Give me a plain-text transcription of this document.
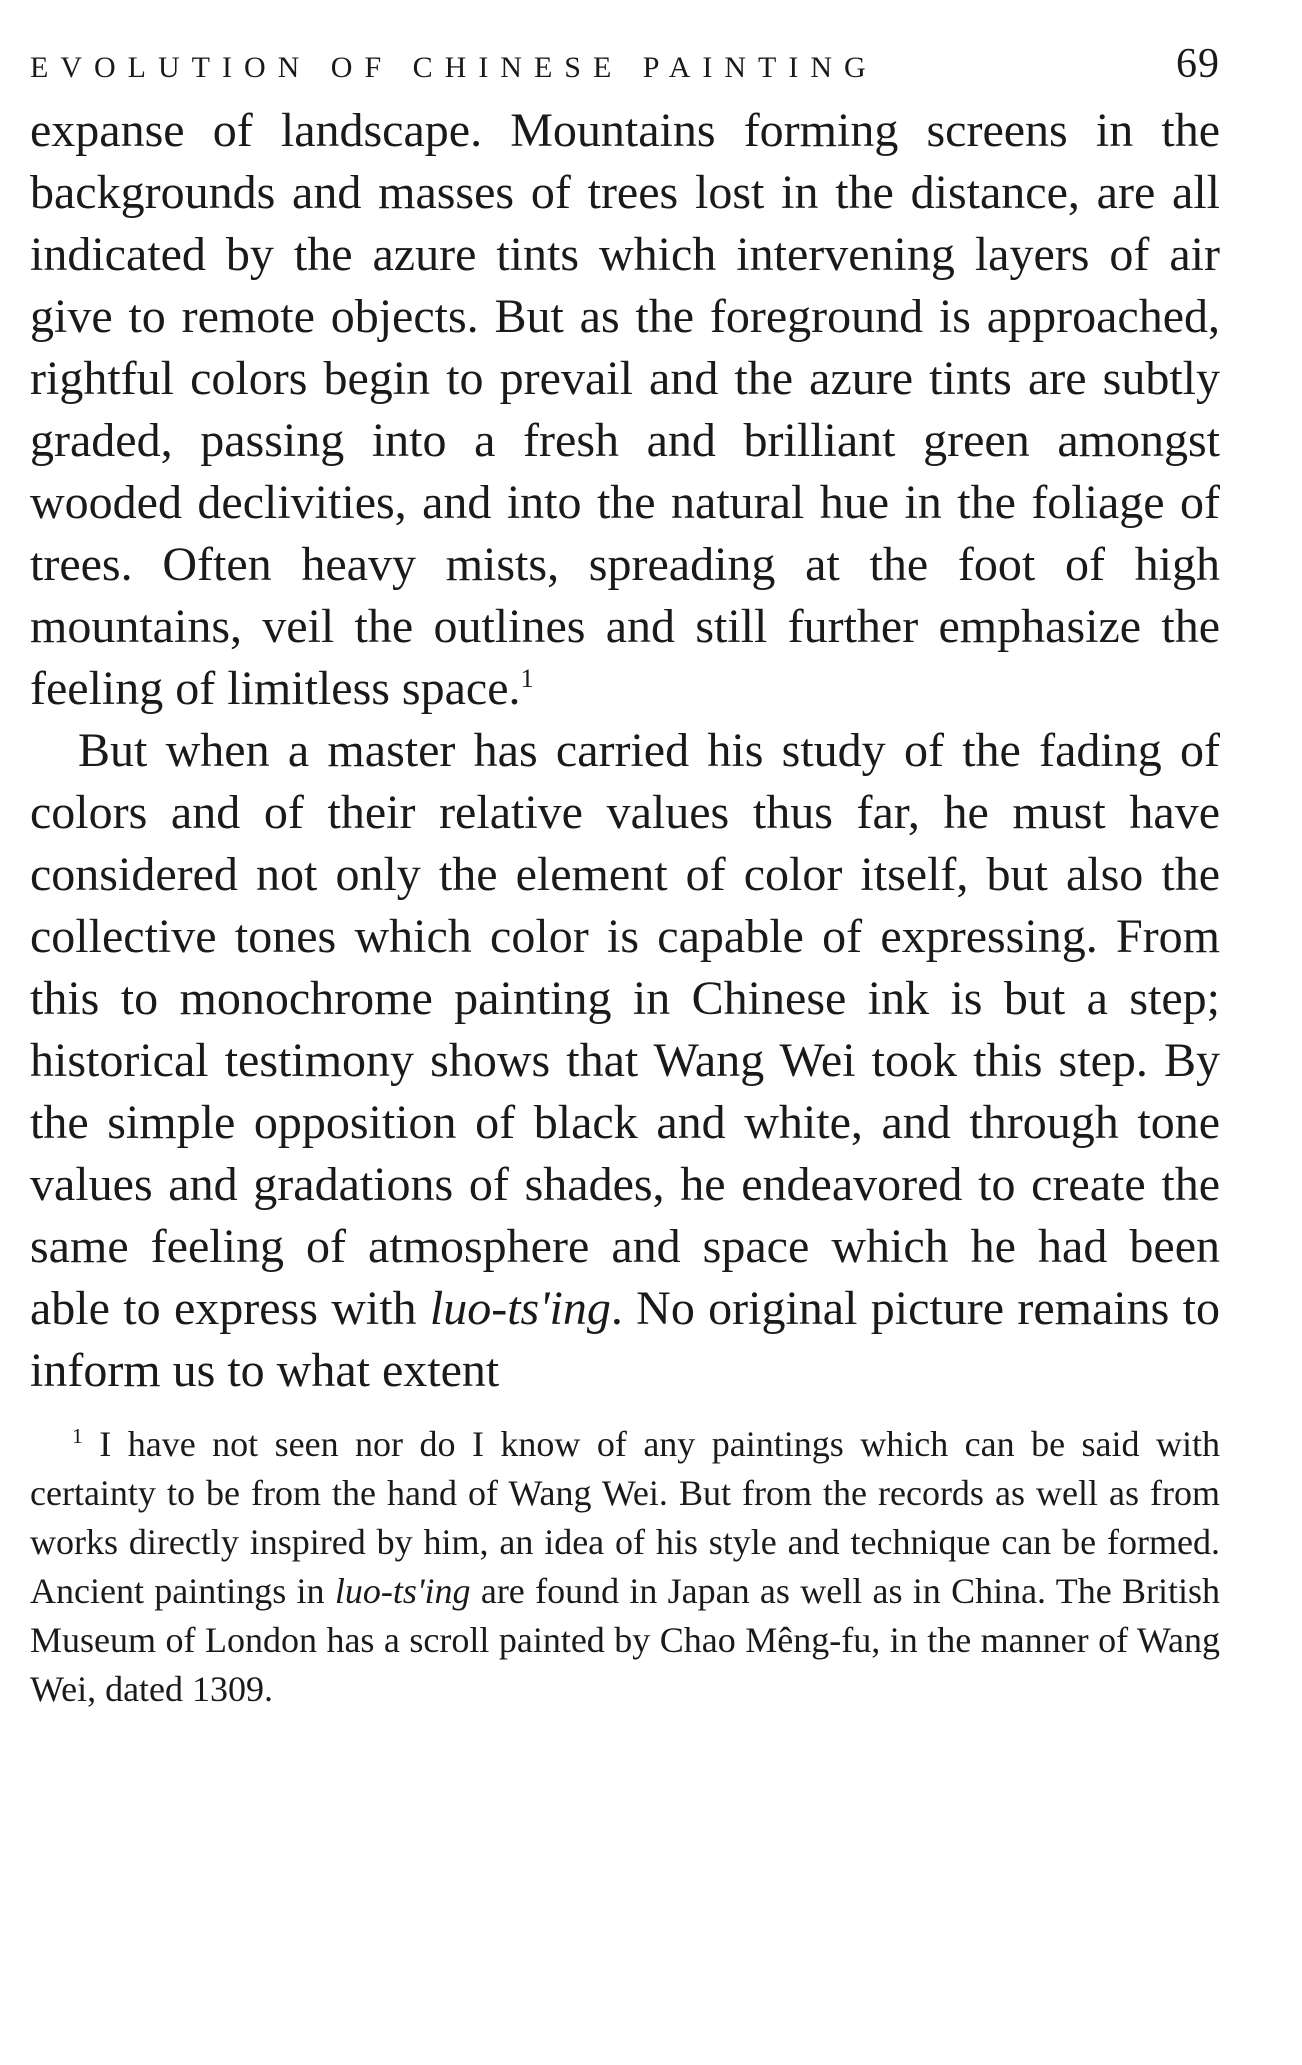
EVOLUTION OF CHINESE PAINTING	69

expanse of landscape. Mountains forming screens in the backgrounds and masses of trees lost in the distance, are all indicated by the azure tints which intervening layers of air give to remote objects. But as the foreground is approached, rightful colors begin to prevail and the azure tints are subtly graded, passing into a fresh and brilliant green amongst wooded declivities, and into the natural hue in the foliage of trees. Often heavy mists, spreading at the foot of high mountains, veil the outlines and still further emphasize the feeling of limitless space.$^1$

But when a master has carried his study of the fading of colors and of their relative values thus far, he must have considered not only the element of color itself, but also the collective tones which color is capable of expressing. From this to monochrome painting in Chinese ink is but a step; historical testimony shows that Wang Wei took this step. By the simple opposition of black and white, and through tone values and gradations of shades, he endeavored to create the same feeling of atmosphere and space which he had been able to express with luo-ts'ing. No original picture remains to inform us to what extent

$^1$ I have not seen nor do I know of any paintings which can be said with certainty to be from the hand of Wang Wei. But from the records as well as from works directly inspired by him, an idea of his style and technique can be formed. Ancient paintings in luo-ts'ing are found in Japan as well as in China. The British Museum of London has a scroll painted by Chao Mêng-fu, in the manner of Wang Wei, dated 1309.
